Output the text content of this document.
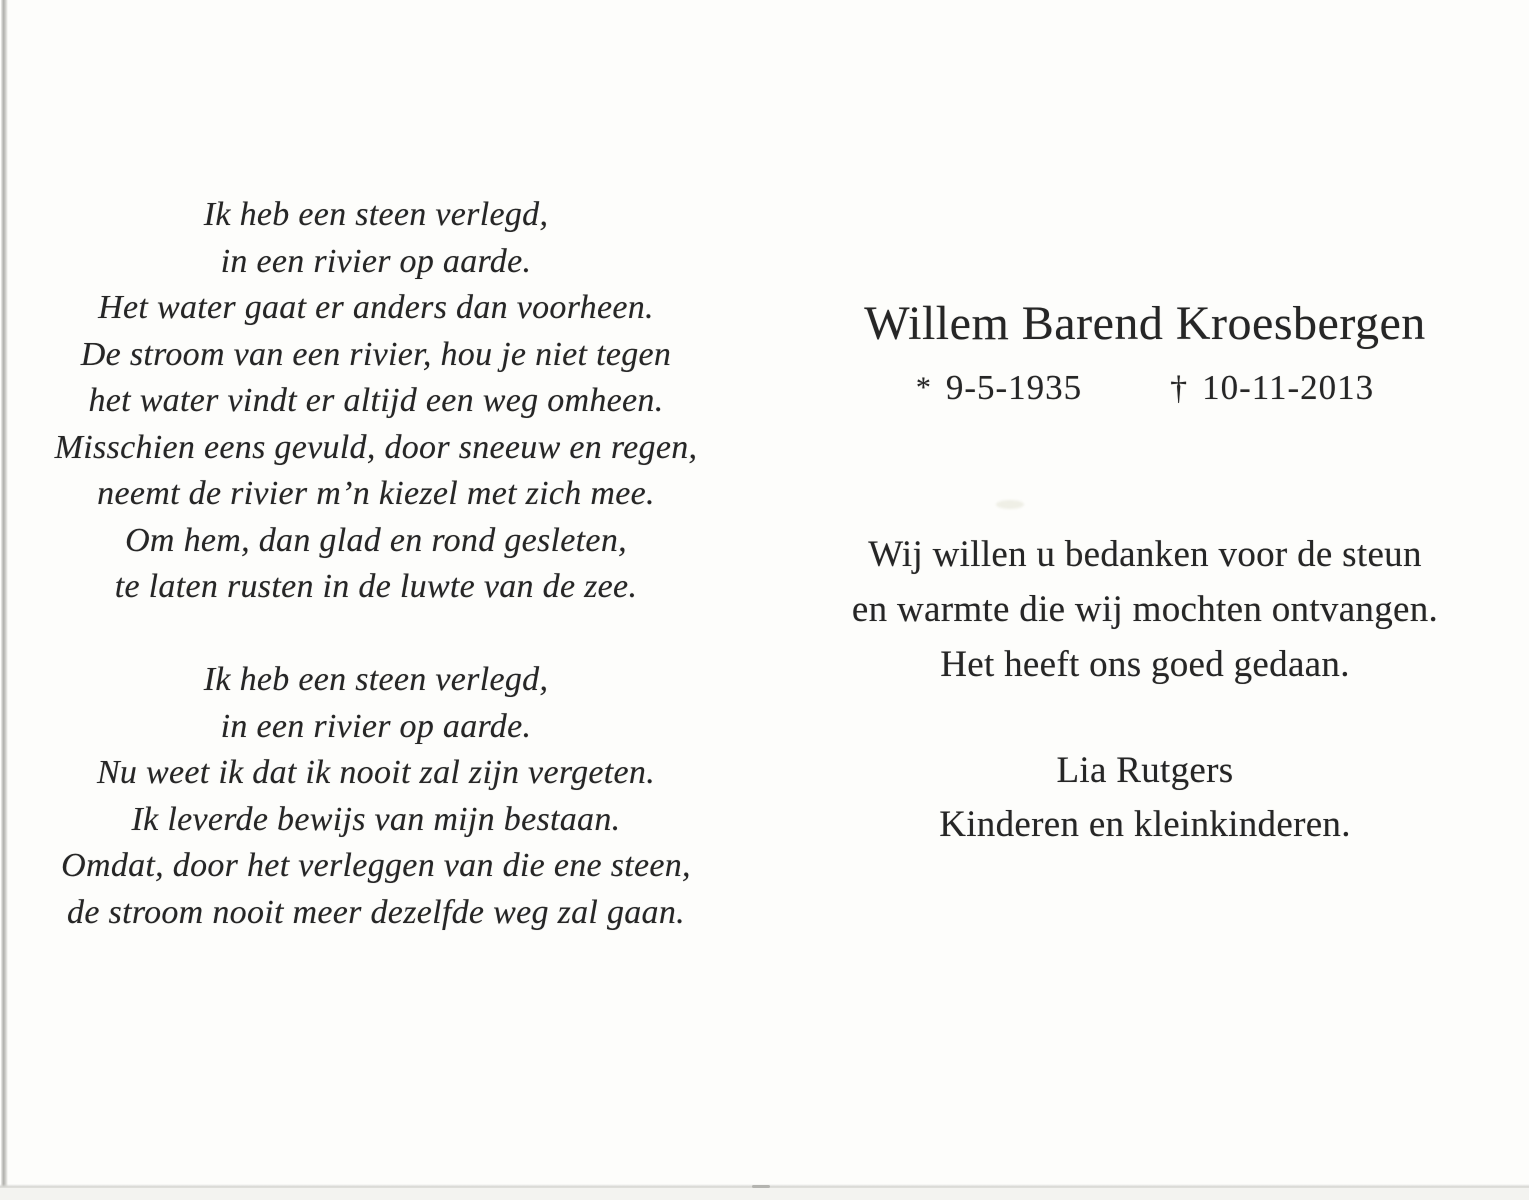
Ik heb een steen verlegd,
in een rivier op aarde.
Het water gaat er anders dan voorheen.
De stroom van een rivier, hou je niet tegen
het water vindt er altijd een weg omheen.
Misschien eens gevuld, door sneeuw en regen,
neemt de rivier m’n kiezel met zich mee.
Om hem, dan glad en rond gesleten,
te laten rusten in de luwte van de zee.
Ik heb een steen verlegd,
in een rivier op aarde.
Nu weet ik dat ik nooit zal zijn vergeten.
Ik leverde bewijs van mijn bestaan.
Omdat, door het verleggen van die ene steen,
de stroom nooit meer dezelfde weg zal gaan.
Willem Barend Kroesbergen
* 9-5-1935	† 10-11-2013
Wij willen u bedanken voor de steun
en warmte die wij mochten ontvangen.
Het heeft ons goed gedaan.
Lia Rutgers
Kinderen en kleinkinderen.
